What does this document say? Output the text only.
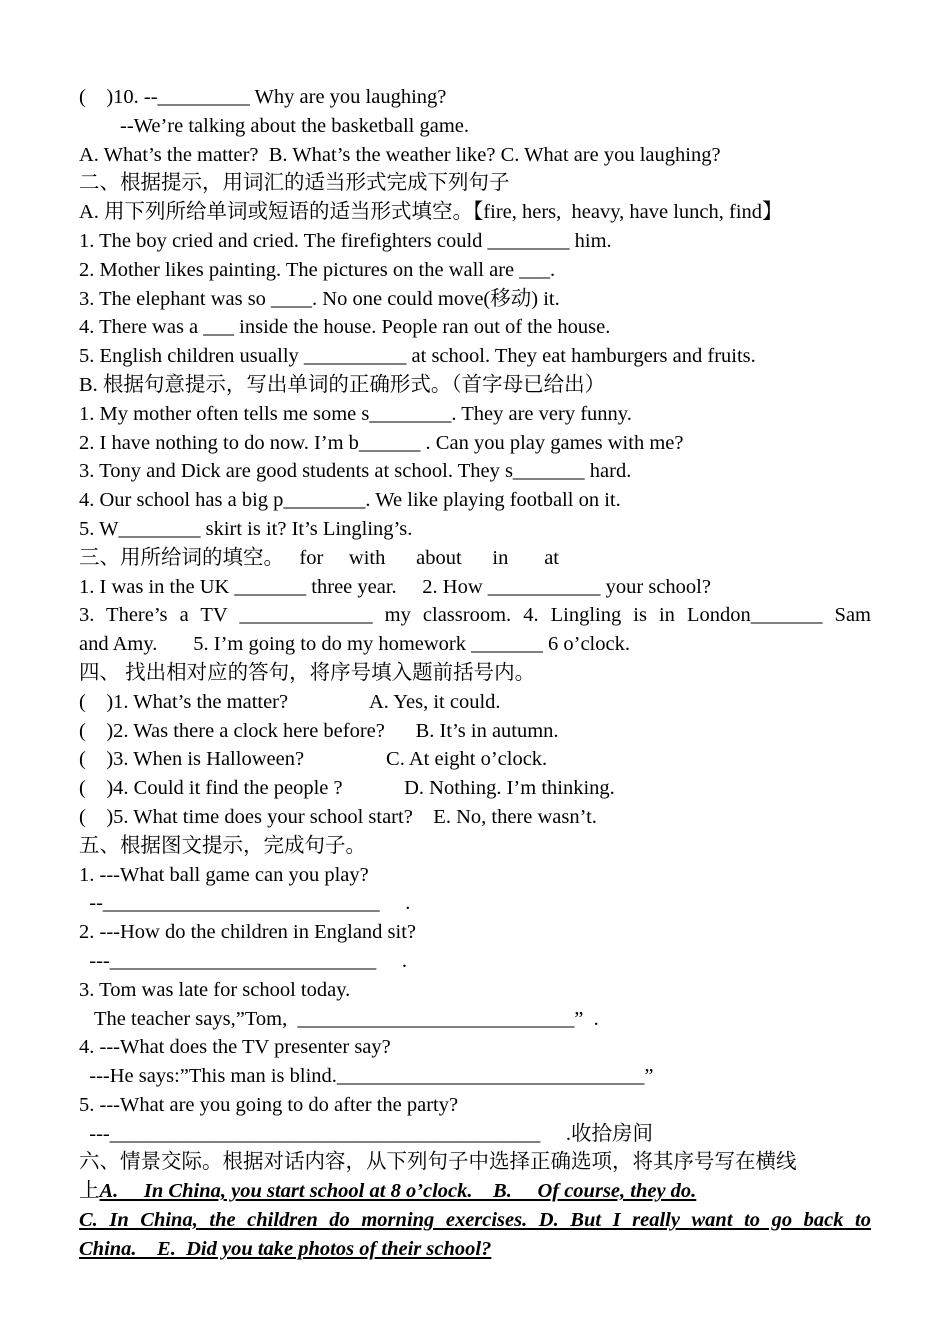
(    )10. --_________ Why are you laughing?
--We’re talking about the basketball game.
A. What’s the matter?  B. What’s the weather like? C. What are you laughing?
二、根据提示，用词汇的适当形式完成下列句子
A. 用下列所给单词或短语的适当形式填空。【fire, hers,  heavy, have lunch, find】
1. The boy cried and cried. The firefighters could ________ him.
2. Mother likes painting. The pictures on the wall are ___.
3. The elephant was so ____. No one could move(移动) it.
4. There was a ___ inside the house. People ran out of the house.
5. English children usually __________ at school. They eat hamburgers and fruits.
B. 根据句意提示，写出单词的正确形式。（首字母已给出）
1. My mother often tells me some s________. They are very funny.
2. I have nothing to do now. I’m b______ . Can you play games with me?
3. Tony and Dick are good students at school. They s_______ hard.
4. Our school has a big p________. We like playing football on it.
5. W________ skirt is it? It’s Lingling’s.
三、用所给词的填空。   for     with      about      in       at
1. I was in the UK _______ three year.     2. How ___________ your school?
3. There’s a TV _____________ my classroom. 4. Lingling is in London_______ Sam
and Amy.       5. I’m going to do my homework _______ 6 o’clock.
四、 找出相对应的答句，将序号填入题前括号内。
(    )1. What’s the matter?                A. Yes, it could.
(    )2. Was there a clock here before?      B. It’s in autumn.
(    )3. When is Halloween?                C. At eight o’clock.
(    )4. Could it find the people ?            D. Nothing. I’m thinking.
(    )5. What time does your school start?    E. No, there wasn’t.
五、根据图文提示，完成句子。
1. ---What ball game can you play?
--___________________________     .
2. ---How do the children in England sit?
---__________________________     .
3. Tom was late for school today.
The teacher says,”Tom,  ___________________________”  .
4. ---What does the TV presenter say?
---He says:”This man is blind.______________________________”
5. ---What are you going to do after the party?
---__________________________________________     .收拾房间
六、情景交际。根据对话内容，从下列句子中选择正确选项，将其序号写在横线
上A.     In China, you start school at 8 o’clock.    B.     Of course, they do.
C. In China, the children do morning exercises. D. But I really want to go back to
China.    E.  Did you take photos of their school?
